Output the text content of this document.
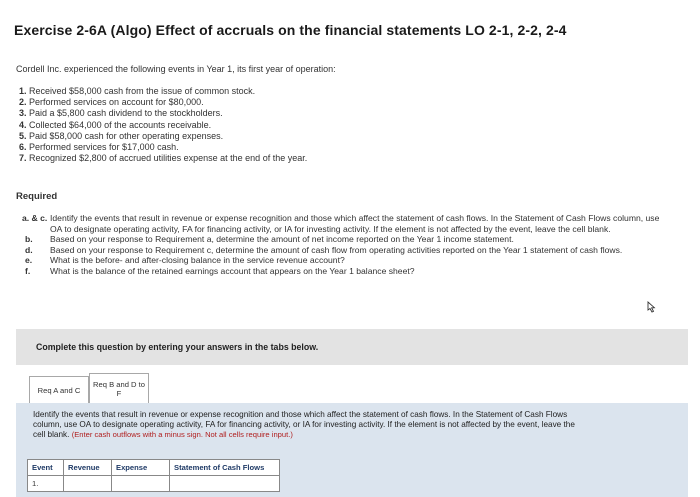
Exercise 2-6A (Algo) Effect of accruals on the financial statements LO 2-1, 2-2, 2-4
Cordell Inc. experienced the following events in Year 1, its first year of operation:
1. Received $58,000 cash from the issue of common stock.
2. Performed services on account for $80,000.
3. Paid a $5,800 cash dividend to the stockholders.
4. Collected $64,000 of the accounts receivable.
5. Paid $58,000 cash for other operating expenses.
6. Performed services for $17,000 cash.
7. Recognized $2,800 of accrued utilities expense at the end of the year.
Required
a. & c. Identify the events that result in revenue or expense recognition and those which affect the statement of cash flows. In the Statement of Cash Flows column, use OA to designate operating activity, FA for financing activity, or IA for investing activity. If the element is not affected by the event, leave the cell blank.
b. Based on your response to Requirement a, determine the amount of net income reported on the Year 1 income statement.
d. Based on your response to Requirement c, determine the amount of cash flow from operating activities reported on the Year 1 statement of cash flows.
e. What is the before- and after-closing balance in the service revenue account?
f. What is the balance of the retained earnings account that appears on the Year 1 balance sheet?
Complete this question by entering your answers in the tabs below.
Req A and C
Req B and D to F
Identify the events that result in revenue or expense recognition and those which affect the statement of cash flows. In the Statement of Cash Flows column, use OA to designate operating activity, FA for financing activity, or IA for investing activity. If the element is not affected by the event, leave the cell blank. (Enter cash outflows with a minus sign. Not all cells require input.)
Event	Revenue	Expense	Statement of Cash Flows
1.	
